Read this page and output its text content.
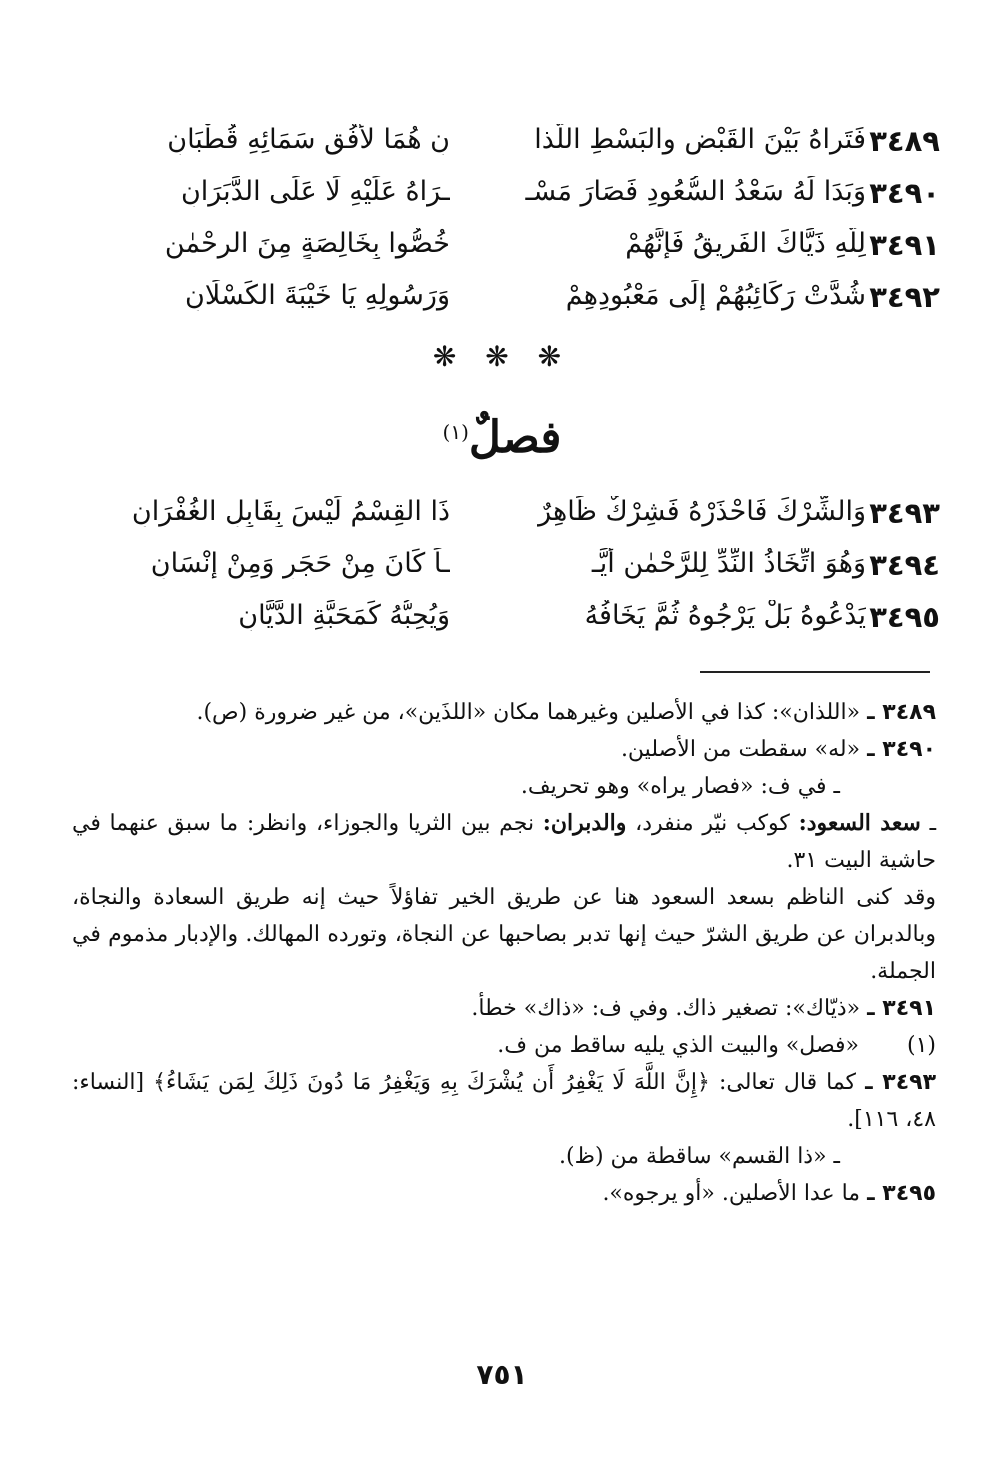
٣٤٨٩
فَتَراهُ بَيْنَ القَبْضِ والبَسْطِ اللَّذا
نِ هُمَا لأُفُقِ سَمَائِهِ قُطْبَانِ
٣٤٩٠
وَبَدَا لَهُ سَعْدُ السُّعُودِ فَصَارَ مَسْـ
ـرَاهُ عَلَيْهِ لَا عَلَى الدَّبَرَانِ
٣٤٩١
لِلّهِ ذَيَّاكَ الفَرِيقُ فَإنَّهُمْ
خُصُّوا بِخَالِصَةٍ مِنَ الرحْمٰنِ
٣٤٩٢
شُدَّتْ رَكَائِبُهُمْ إِلَى مَعْبُودِهِمْ
وَرَسُولِهِ يَا خَيْبَةَ الكَسْلَانِ
❋ ❋ ❋
فصلٌ$^{(١)}$
٣٤٩٣
وَالشِّرْكَ فَاحْذَرْهُ فَشِرْكٌ ظَاهِرٌ
ذَا القِسْمُ لَيْسَ بِقَابِلِ الغُفْرَانِ
٣٤٩٤
وَهُوَ اتِّخَاذُ النِّدِّ لِلرَّحْمٰنِ أَيَّـ
ـاً كَانَ مِنْ حَجَرٍ وَمِنْ إِنْسَانِ
٣٤٩٥
يَدْعُوهُ بَلْ يَرْجُوهُ ثُمَّ يَخَافُهُ
وَيُحِبُّهُ كَمَحَبَّةِ الدَّيَّانِ
٣٤٨٩ ـ «اللذان»: كذا في الأصلين وغيرهما مكان «اللذَين»، من غير ضرورة (ص).
٣٤٩٠ ـ «له» سقطت من الأصلين.
ـ في ف: «فصار يراه» وهو تحريف.
ـ سعد السعود: كوكب نيّر منفرد، والدبران: نجم بين الثريا والجوزاء، وانظر: ما سبق عنهما في حاشية البيت ٣١.
وقد كنى الناظم بسعد السعود هنا عن طريق الخير تفاؤلاً حيث إنه طريق السعادة والنجاة، وبالدبران عن طريق الشرّ حيث إنها تدبر بصاحبها عن النجاة، وتورده المهالك. والإدبار مذموم في الجملة.
٣٤٩١ ـ «ذيّاك»: تصغير ذاك. وفي ف: «ذاك» خطأ.
(١) «فصل» والبيت الذي يليه ساقط من ف.
٣٤٩٣ ـ كما قال تعالى: ﴿إِنَّ اللَّهَ لَا يَغْفِرُ أَن يُشْرَكَ بِهِ وَيَغْفِرُ مَا دُونَ ذَلِكَ لِمَن يَشَاءُ﴾ [النساء: ٤٨، ١١٦].
ـ «ذا القسم» ساقطة من (ظ).
٣٤٩٥ ـ ما عدا الأصلين. «أو يرجوه».
٧٥١
